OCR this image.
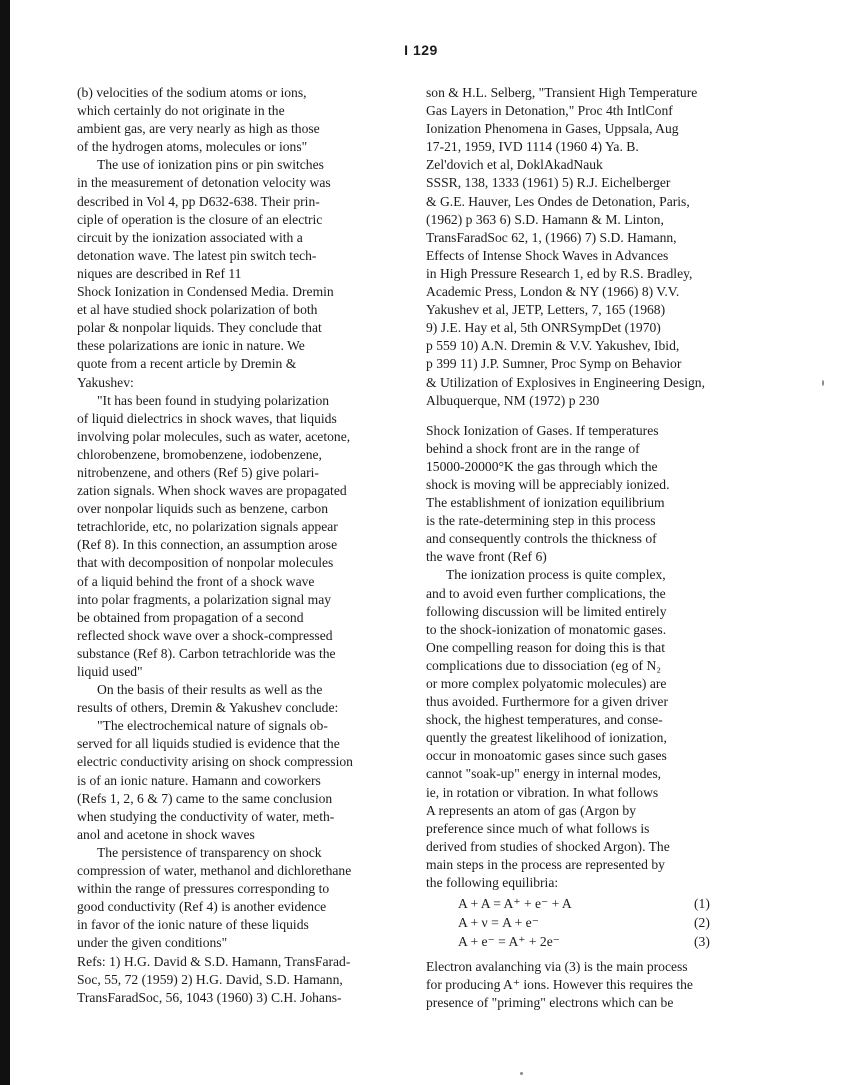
I 129
(b) velocities of the sodium atoms or ions,
which certainly do not originate in the
ambient gas, are very nearly as high as those
of the hydrogen atoms, molecules or ions"
The use of ionization pins or pin switches
in the measurement of detonation velocity was
described in Vol 4, pp D632-638. Their prin-
ciple of operation is the closure of an electric
circuit by the ionization associated with a
detonation wave. The latest pin switch tech-
niques are described in Ref 11
Shock Ionization in Condensed Media. Dremin
et al have studied shock polarization of both
polar & nonpolar liquids. They conclude that
these polarizations are ionic in nature. We
quote from a recent article by Dremin &
Yakushev:
"It has been found in studying polarization
of liquid dielectrics in shock waves, that liquids
involving polar molecules, such as water, acetone,
chlorobenzene, bromobenzene, iodobenzene,
nitrobenzene, and others (Ref 5) give polari-
zation signals. When shock waves are propagated
over nonpolar liquids such as benzene, carbon
tetrachloride, etc, no polarization signals appear
(Ref 8). In this connection, an assumption arose
that with decomposition of nonpolar molecules
of a liquid behind the front of a shock wave
into polar fragments, a polarization signal may
be obtained from propagation of a second
reflected shock wave over a shock-compressed
substance (Ref 8). Carbon tetrachloride was the
liquid used"
On the basis of their results as well as the
results of others, Dremin & Yakushev conclude:
"The electrochemical nature of signals ob-
served for all liquids studied is evidence that the
electric conductivity arising on shock compression
is of an ionic nature. Hamann and coworkers
(Refs 1, 2, 6 & 7) came to the same conclusion
when studying the conductivity of water, meth-
anol and acetone in shock waves
The persistence of transparency on shock
compression of water, methanol and dichlorethane
within the range of pressures corresponding to
good conductivity (Ref 4) is another evidence
in favor of the ionic nature of these liquids
under the given conditions"
Refs: 1) H.G. David & S.D. Hamann, TransFarad-
Soc, 55, 72 (1959) 2) H.G. David, S.D. Hamann,
TransFaradSoc, 56, 1043 (1960) 3) C.H. Johans-
son & H.L. Selberg, "Transient High Temperature
Gas Layers in Detonation," Proc 4th IntlConf
Ionization Phenomena in Gases, Uppsala, Aug
17-21, 1959, IVD 1114 (1960 4) Ya. B.
Zel'dovich et al, DoklAkadNauk
SSSR, 138, 1333 (1961) 5) R.J. Eichelberger
& G.E. Hauver, Les Ondes de Detonation, Paris,
(1962) p 363 6) S.D. Hamann & M. Linton,
TransFaradSoc 62, 1, (1966) 7) S.D. Hamann,
Effects of Intense Shock Waves in Advances
in High Pressure Research 1, ed by R.S. Bradley,
Academic Press, London & NY (1966) 8) V.V.
Yakushev et al, JETP, Letters, 7, 165 (1968)
9) J.E. Hay et al, 5th ONRSympDet (1970)
p 559 10) A.N. Dremin & V.V. Yakushev, Ibid,
p 399 11) J.P. Sumner, Proc Symp on Behavior
& Utilization of Explosives in Engineering Design,
Albuquerque, NM (1972) p 230
Shock Ionization of Gases. If temperatures
behind a shock front are in the range of
15000-20000°K the gas through which the
shock is moving will be appreciably ionized.
The establishment of ionization equilibrium
is the rate-determining step in this process
and consequently controls the thickness of
the wave front (Ref 6)
The ionization process is quite complex,
and to avoid even further complications, the
following discussion will be limited entirely
to the shock-ionization of monatomic gases.
One compelling reason for doing this is that
complications due to dissociation (eg of N₂
or more complex polyatomic molecules) are
thus avoided. Furthermore for a given driver
shock, the highest temperatures, and conse-
quently the greatest likelihood of ionization,
occur in monoatomic gases since such gases
cannot "soak-up" energy in internal modes,
ie, in rotation or vibration. In what follows
A represents an atom of gas (Argon by
preference since much of what follows is
derived from studies of shocked Argon). The
main steps in the process are represented by
the following equilibria:
A + A = A⁺ + e⁻ + A	(1)
A + ν = A + e⁻	(2)
A + e⁻ = A⁺ + 2e⁻	(3)
Electron avalanching via (3) is the main process
for producing A⁺ ions. However this requires the
presence of "priming" electrons which can be
